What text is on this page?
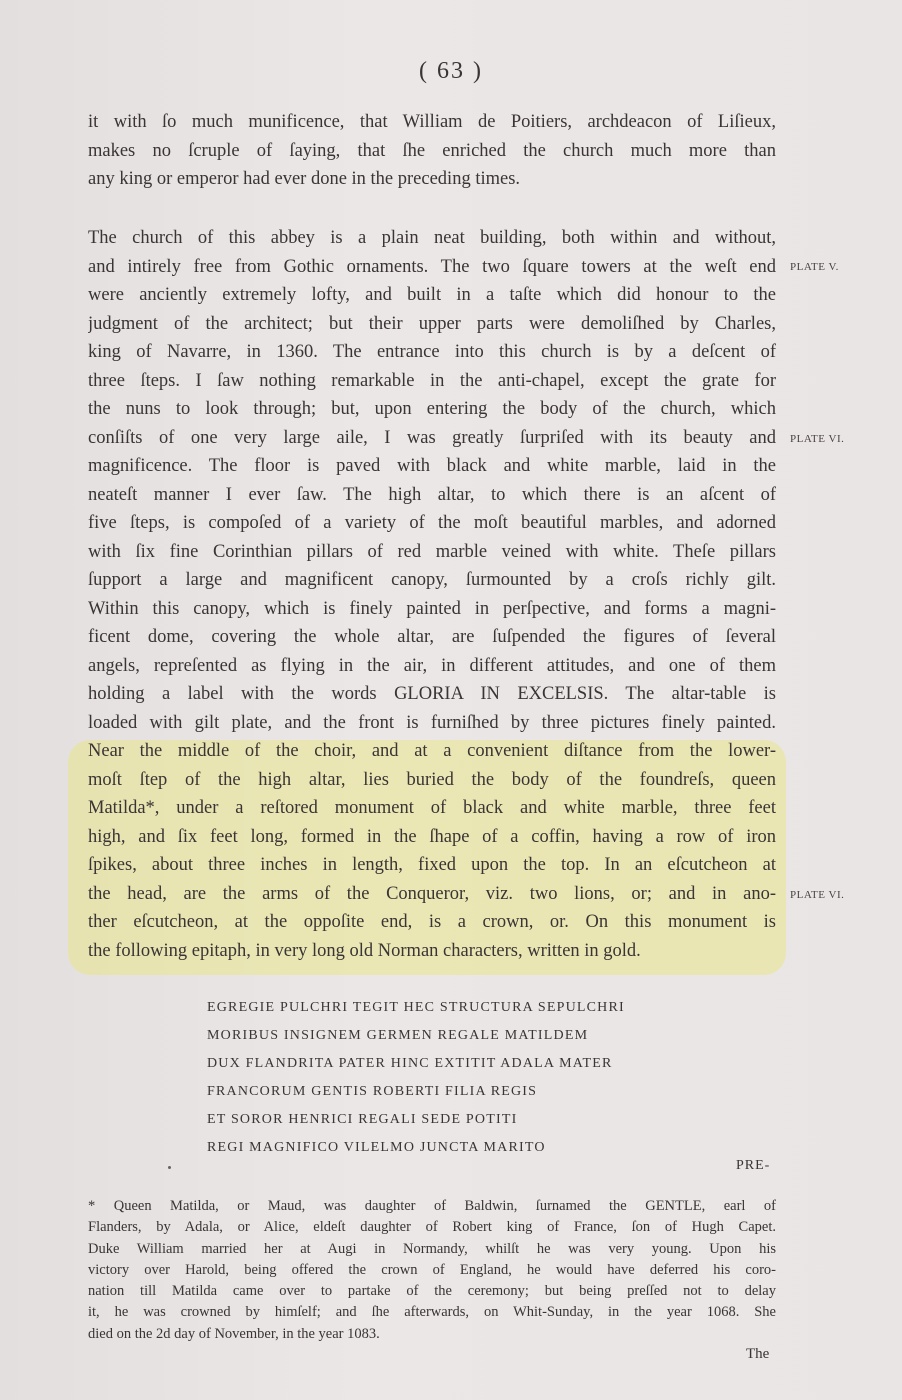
( 63 )
it with ſo much munificence, that William de Poitiers, archdeacon of Liſieux,
makes no ſcruple of ſaying, that ſhe enriched the church much more than
any king or emperor had ever done in the preceding times.
The church of this abbey is a plain neat building, both within and without,
and intirely free from Gothic ornaments. The two ſquare towers at the weſt end
were anciently extremely lofty, and built in a taſte which did honour to the
judgment of the architect; but their upper parts were demoliſhed by Charles,
king of Navarre, in 1360. The entrance into this church is by a deſcent of
three ſteps. I ſaw nothing remarkable in the anti-chapel, except the grate for
the nuns to look through; but, upon entering the body of the church, which
conſiſts of one very large aile, I was greatly ſurpriſed with its beauty and
magnificence. The floor is paved with black and white marble, laid in the
neateſt manner I ever ſaw. The high altar, to which there is an aſcent of
five ſteps, is compoſed of a variety of the moſt beautiful marbles, and adorned
with ſix fine Corinthian pillars of red marble veined with white. Theſe pillars
ſupport a large and magnificent canopy, ſurmounted by a croſs richly gilt.
Within this canopy, which is finely painted in perſpective, and forms a magni-
ficent dome, covering the whole altar, are ſuſpended the figures of ſeveral
angels, repreſented as flying in the air, in different attitudes, and one of them
holding a label with the words GLORIA IN EXCELSIS. The altar-table is
loaded with gilt plate, and the front is furniſhed by three pictures finely painted.
Near the middle of the choir, and at a convenient diſtance from the lower-
moſt ſtep of the high altar, lies buried the body of the foundreſs, queen
Matilda*, under a reſtored monument of black and white marble, three feet
high, and ſix feet long, formed in the ſhape of a coffin, having a row of iron
ſpikes, about three inches in length, fixed upon the top. In an eſcutcheon at
the head, are the arms of the Conqueror, viz. two lions, or; and in ano-
ther eſcutcheon, at the oppoſite end, is a crown, or. On this monument is
the following epitaph, in very long old Norman characters, written in gold.
PLATE V.
PLATE VI.
PLATE VI.
EGREGIE PULCHRI TEGIT HEC STRUCTURA SEPULCHRI
MORIBUS INSIGNEM GERMEN REGALE MATILDEM
DUX FLANDRITA PATER HINC EXTITIT ADALA MATER
FRANCORUM GENTIS ROBERTI FILIA REGIS
ET SOROR HENRICI REGALI SEDE POTITI
REGI MAGNIFICO VILELMO JUNCTA MARITO
PRE-
* Queen Matilda, or Maud, was daughter of Baldwin, ſurnamed the GENTLE, earl of
Flanders, by Adala, or Alice, eldeſt daughter of Robert king of France, ſon of Hugh Capet.
Duke William married her at Augi in Normandy, whilſt he was very young. Upon his
victory over Harold, being offered the crown of England, he would have deferred his coro-
nation till Matilda came over to partake of the ceremony; but being preſſed not to delay
it, he was crowned by himſelf; and ſhe afterwards, on Whit-Sunday, in the year 1068. She
died on the 2d day of November, in the year 1083.
The
